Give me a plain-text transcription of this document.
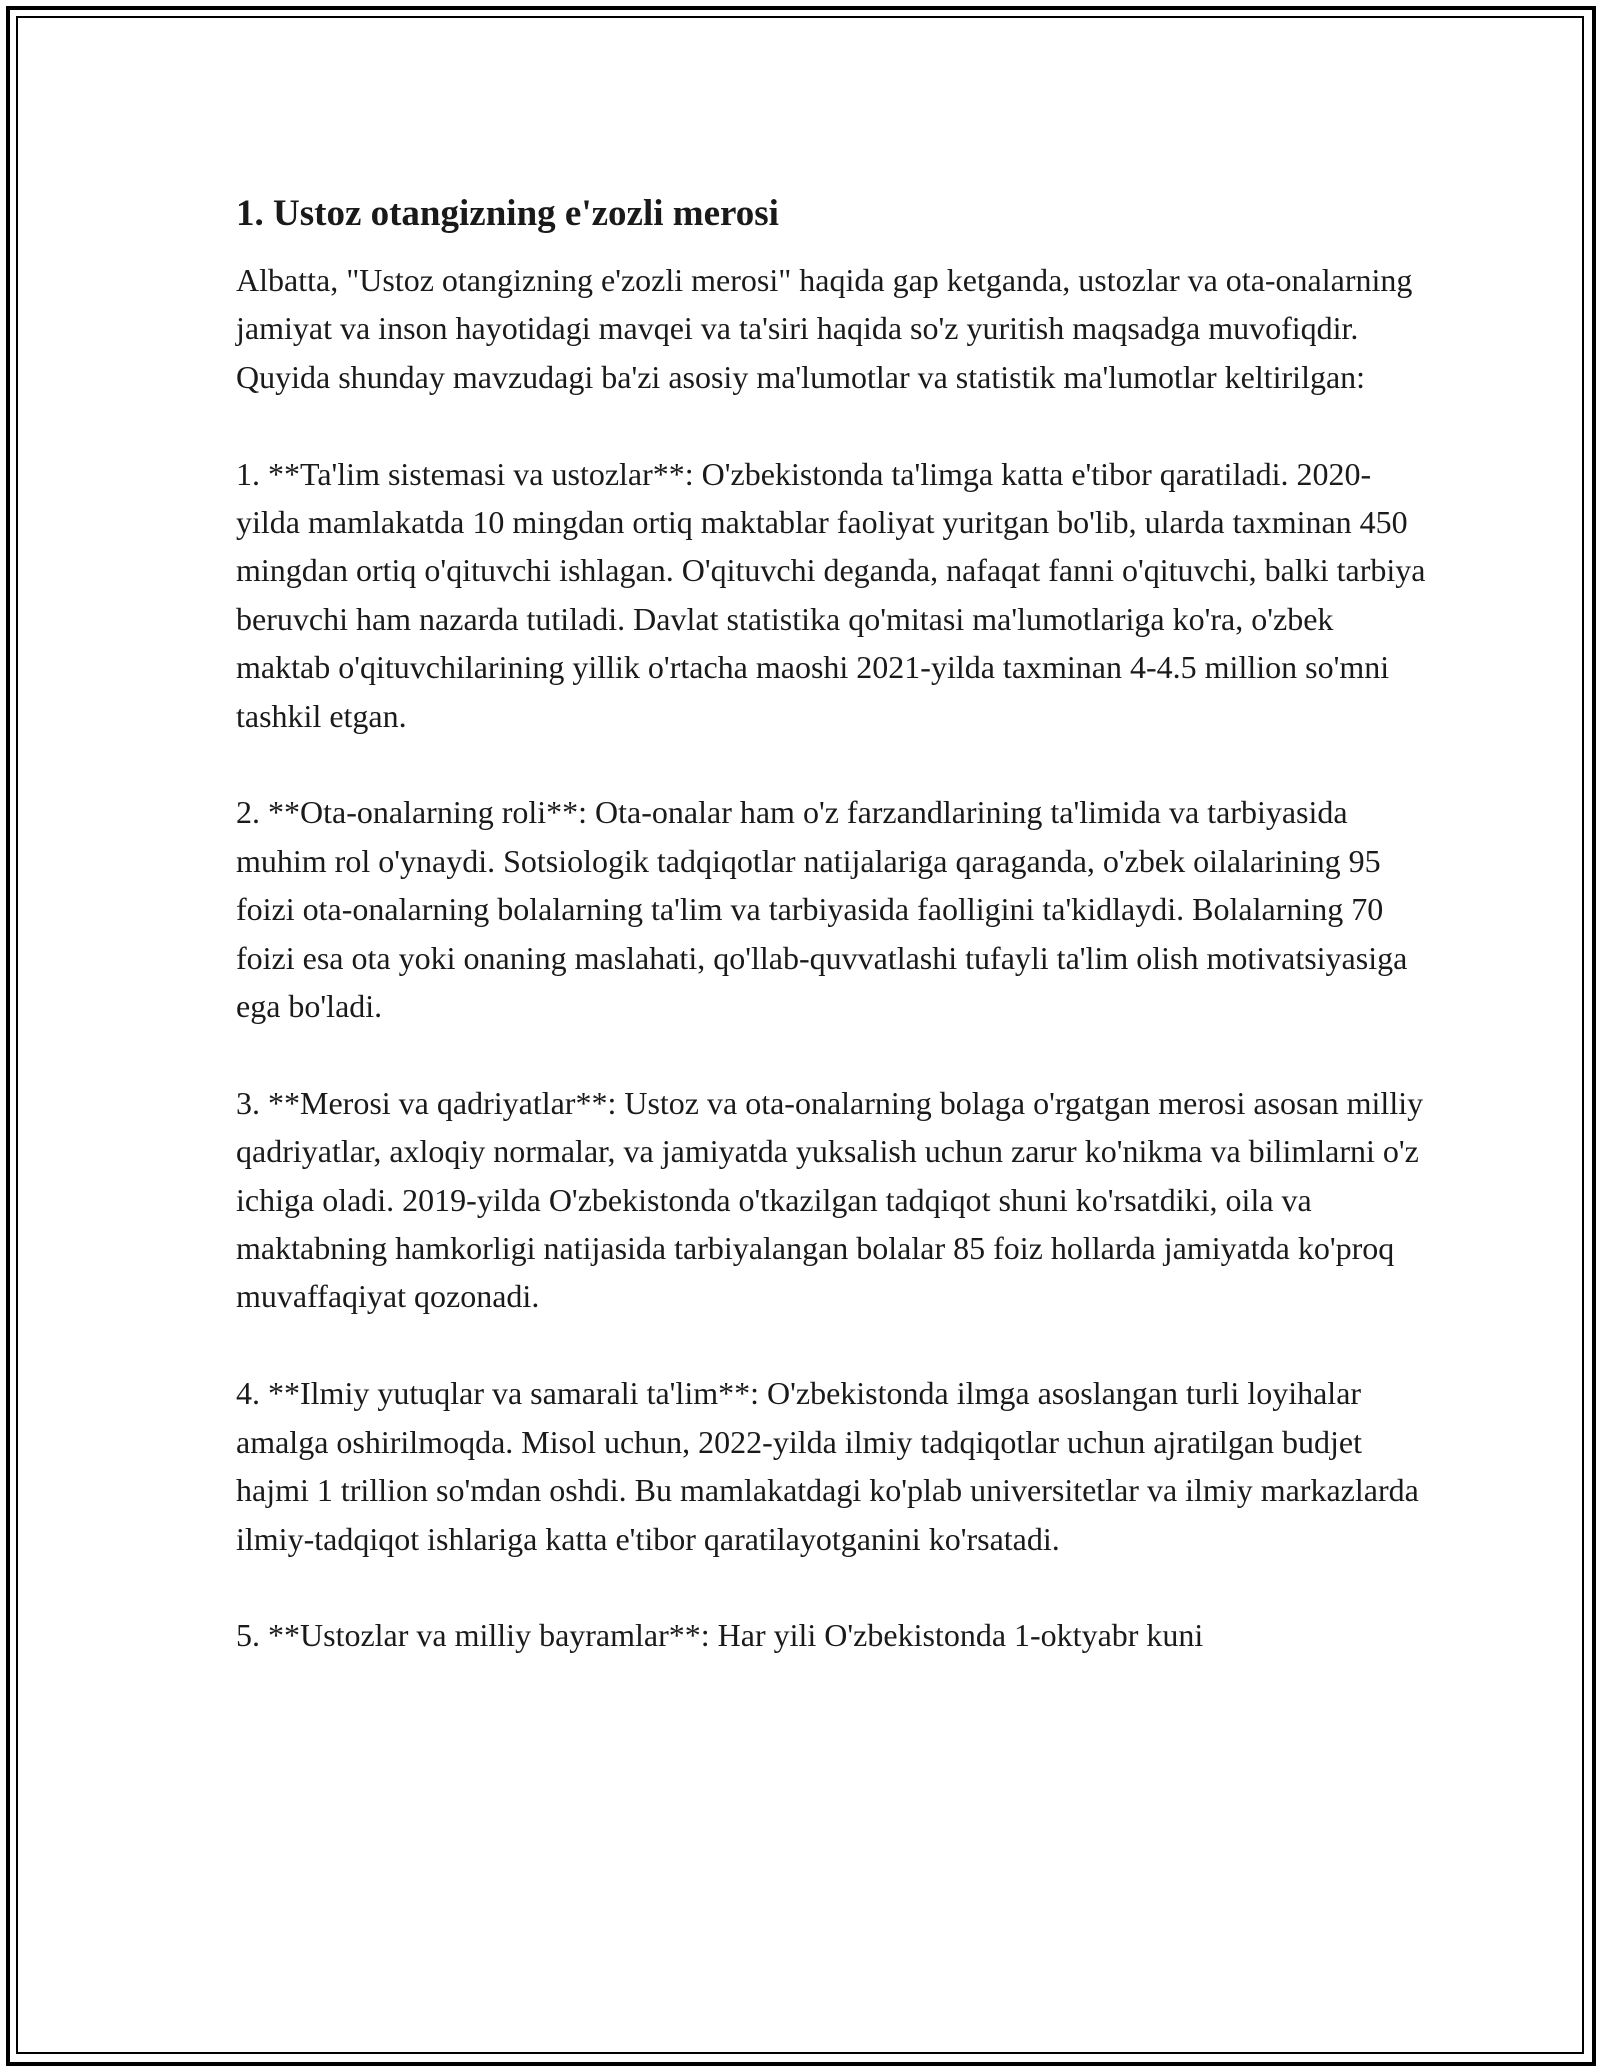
1. Ustoz otangizning e'zozli merosi

Albatta, "Ustoz otangizning e'zozli merosi" haqida gap ketganda, ustozlar va ota-onalarning jamiyat va inson hayotidagi mavqei va ta'siri haqida so'z yuritish maqsadga muvofiqdir. Quyida shunday mavzudagi ba'zi asosiy ma'lumotlar va statistik ma'lumotlar keltirilgan:

1. **Ta'lim sistemasi va ustozlar**: O'zbekistonda ta'limga katta e'tibor qaratiladi. 2020-yilda mamlakatda 10 mingdan ortiq maktablar faoliyat yuritgan bo'lib, ularda taxminan 450 mingdan ortiq o'qituvchi ishlagan. O'qituvchi deganda, nafaqat fanni o'qituvchi, balki tarbiya beruvchi ham nazarda tutiladi. Davlat statistika qo'mitasi ma'lumotlariga ko'ra, o'zbek maktab o'qituvchilarining yillik o'rtacha maoshi 2021-yilda taxminan 4-4.5 million so'mni tashkil etgan.

2. **Ota-onalarning roli**: Ota-onalar ham o'z farzandlarining ta'limida va tarbiyasida muhim rol o'ynaydi. Sotsiologik tadqiqotlar natijalariga qaraganda, o'zbek oilalarining 95 foizi ota-onalarning bolalarning ta'lim va tarbiyasida faolligini ta'kidlaydi. Bolalarning 70 foizi esa ota yoki onaning maslahati, qo'llab-quvvatlashi tufayli ta'lim olish motivatsiyasiga ega bo'ladi.

3. **Merosi va qadriyatlar**: Ustoz va ota-onalarning bolaga o'rgatgan merosi asosan milliy qadriyatlar, axloqiy normalar, va jamiyatda yuksalish uchun zarur ko'nikma va bilimlarni o'z ichiga oladi. 2019-yilda O'zbekistonda o'tkazilgan tadqiqot shuni ko'rsatdiki, oila va maktabning hamkorligi natijasida tarbiyalangan bolalar 85 foiz hollarda jamiyatda ko'proq muvaffaqiyat qozonadi.

4. **Ilmiy yutuqlar va samarali ta'lim**: O'zbekistonda ilmga asoslangan turli loyihalar amalga oshirilmoqda. Misol uchun, 2022-yilda ilmiy tadqiqotlar uchun ajratilgan budjet hajmi 1 trillion so'mdan oshdi. Bu mamlakatdagi ko'plab universitetlar va ilmiy markazlarda ilmiy-tadqiqot ishlariga katta e'tibor qaratilayotganini ko'rsatadi.

5. **Ustozlar va milliy bayramlar**: Har yili O'zbekistonda 1-oktyabr kuni
